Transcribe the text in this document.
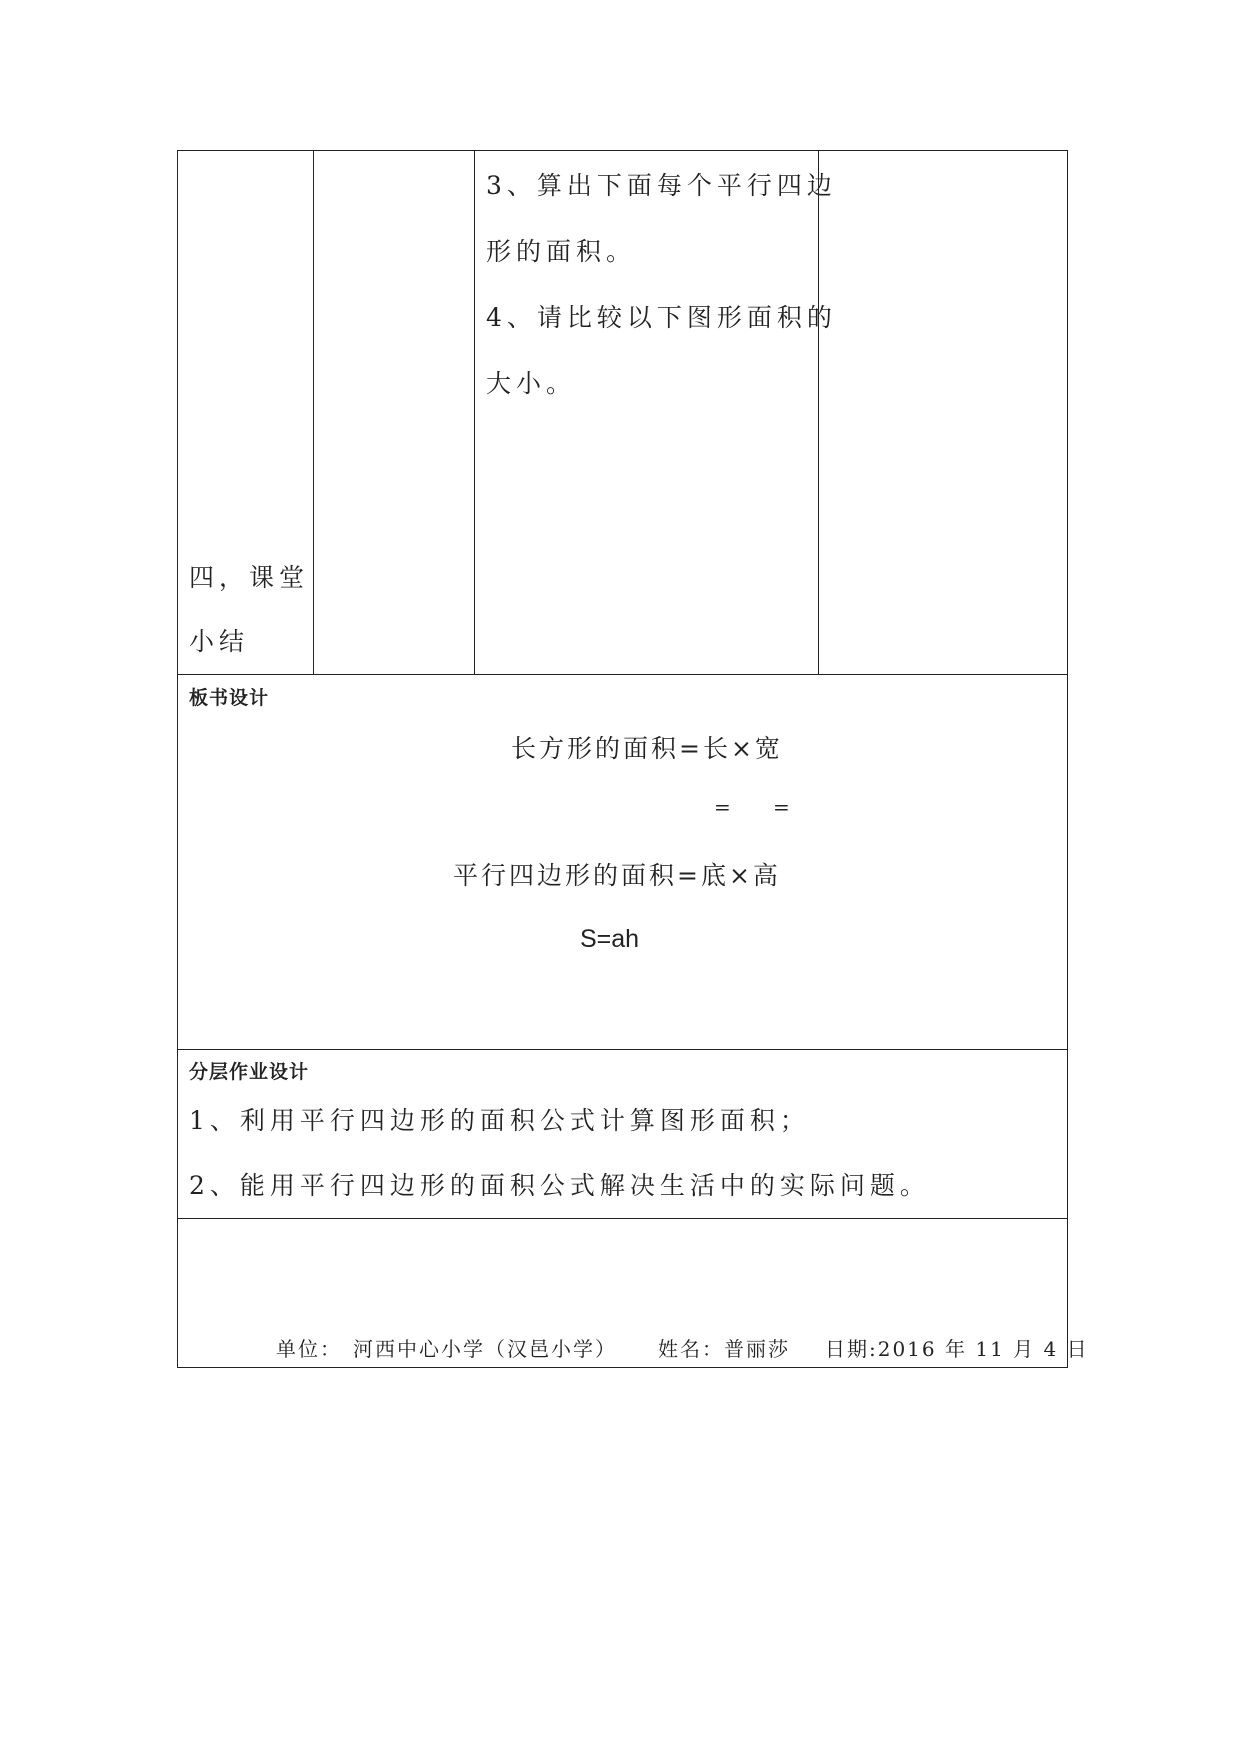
3、算出下面每个平行四边
形的面积。
4、请比较以下图形面积的
大小。
四，课堂
小结
板书设计
长方形的面积=长×宽
= =
平行四边形的面积=底×高
S=ah
分层作业设计
1、利用平行四边形的面积公式计算图形面积；
2、能用平行四边形的面积公式解决生活中的实际问题。
单位： 河西中心小学（汉邑小学） 姓名： 普丽莎 日期:2016 年 11 月 4 日
